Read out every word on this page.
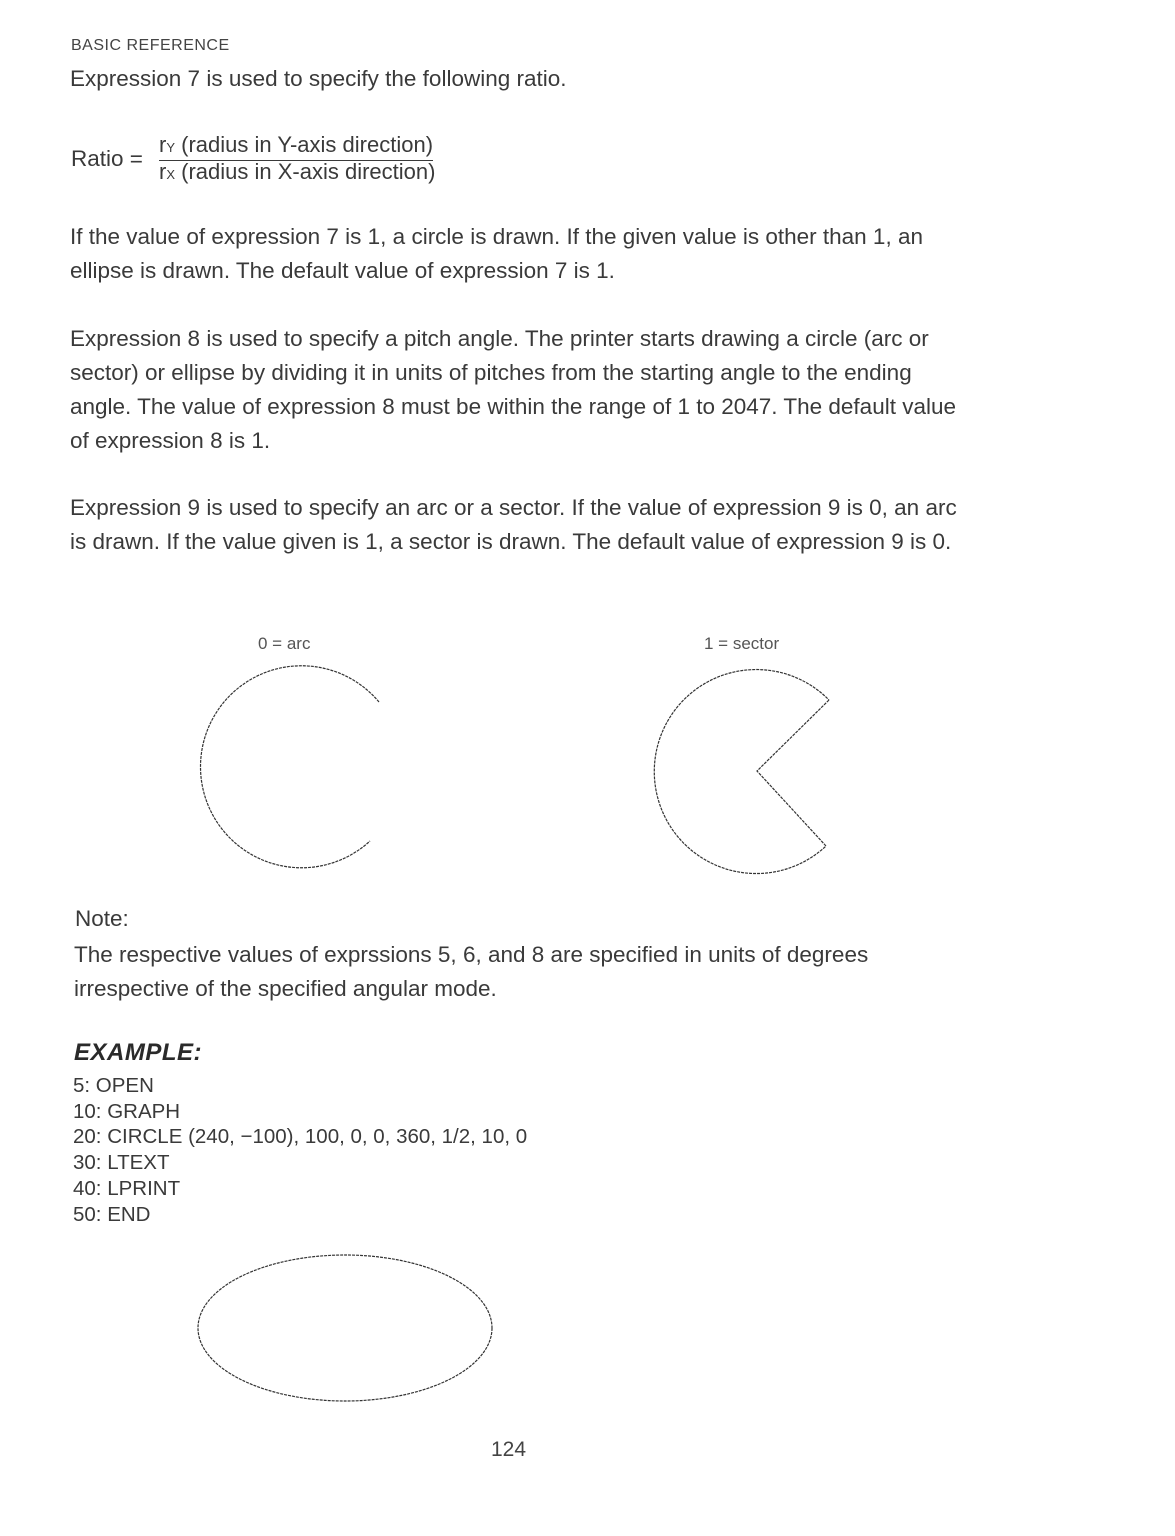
BASIC REFERENCE
Expression 7 is used to specify the following ratio.
Ratio =
rY (radius in Y-axis direction)
rX (radius in X-axis direction)
If the value of expression 7 is 1, a circle is drawn. If the given value is other than 1, an ellipse is drawn. The default value of expression 7 is 1.
Expression 8 is used to specify a pitch angle. The printer starts drawing a circle (arc or sector) or ellipse by dividing it in units of pitches from the starting angle to the ending angle. The value of expression 8 must be within the range of 1 to 2047. The default value of expression 8 is 1.
Expression 9 is used to specify an arc or a sector. If the value of expression 9 is 0, an arc is drawn. If the value given is 1, a sector is drawn. The default value of expression 9 is 0.
0 = arc	1 = sector
Note:
The respective values of exprssions 5, 6, and 8 are specified in units of degrees irrespective of the specified angular mode.
EXAMPLE:
5: OPEN
10: GRAPH
20: CIRCLE (240, −100), 100, 0, 0, 360, 1/2, 10, 0
30: LTEXT
40: LPRINT
50: END
124
